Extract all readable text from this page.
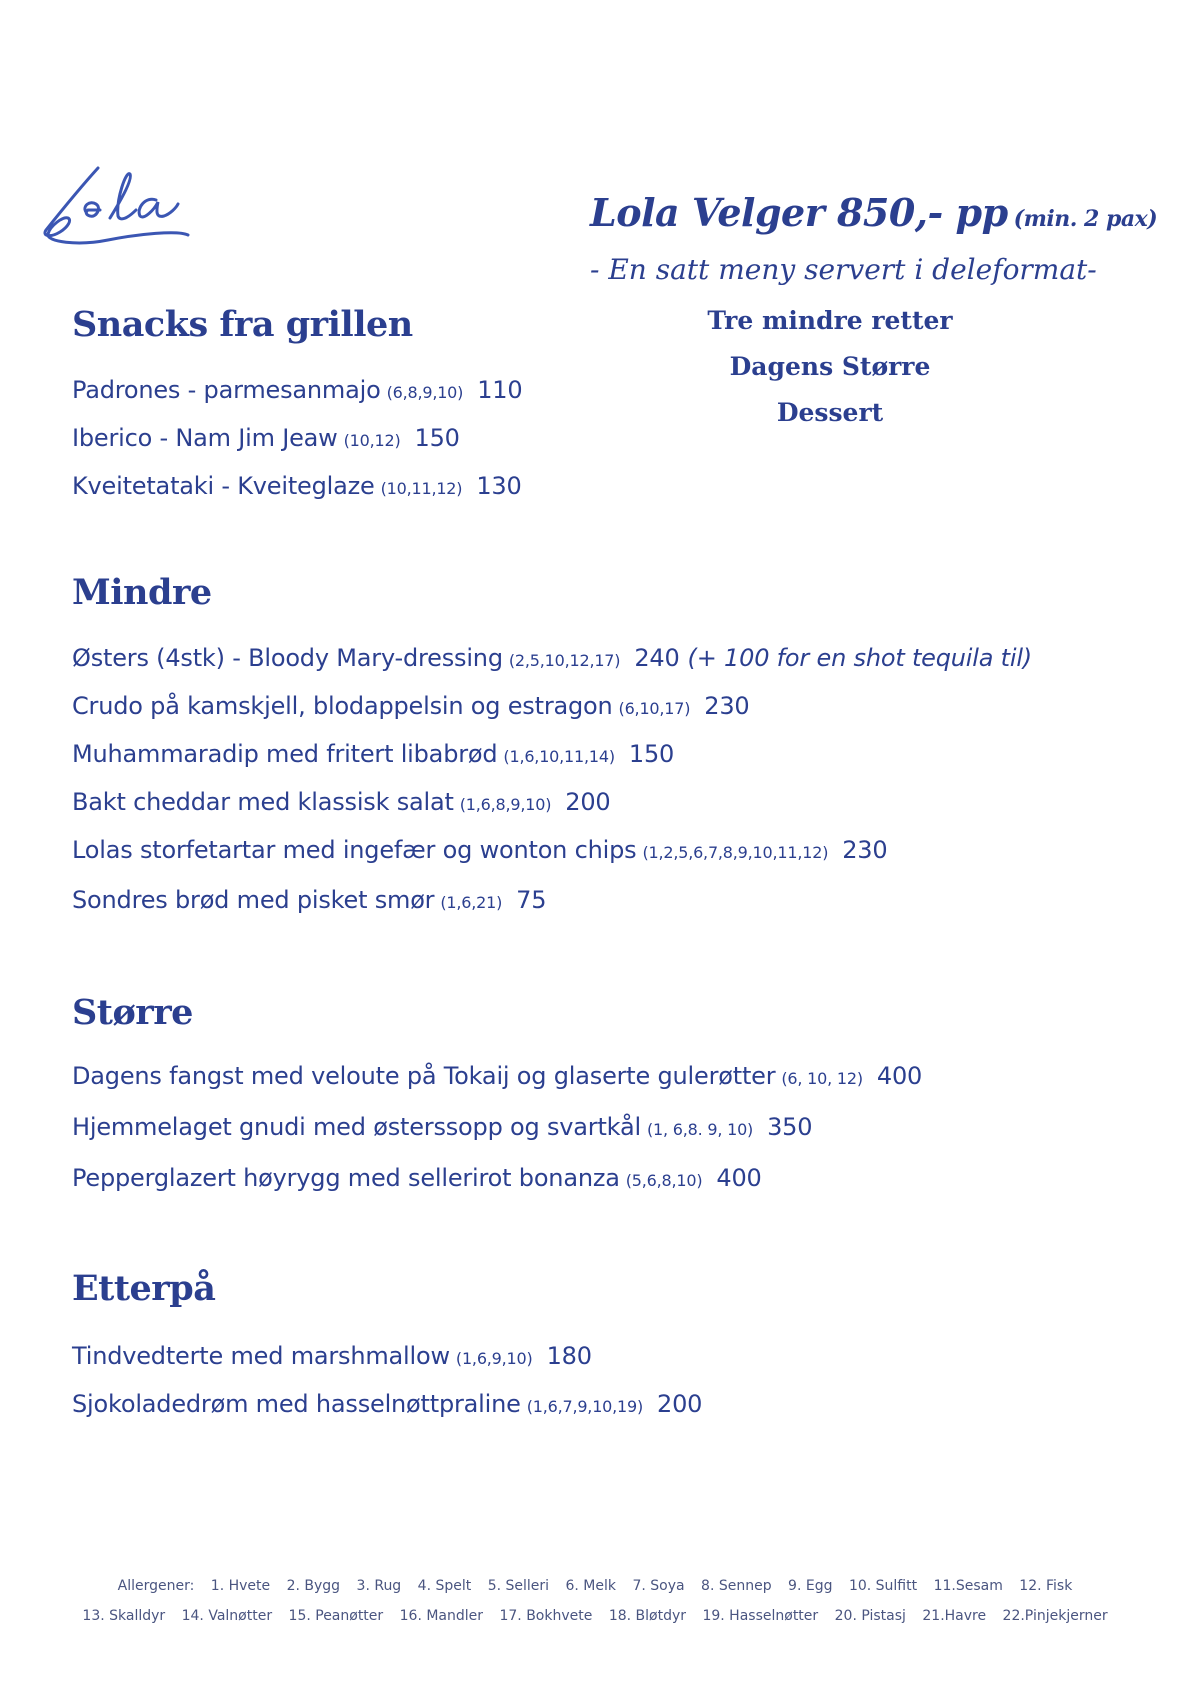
Lola Velger 850,- pp (min. 2 pax)
- En satt meny servert i deleformat-
Tre mindre retter
Dagens Større
Dessert
Snacks fra grillen
Padrones - parmesanmajo (6,8,9,10) 110
Iberico - Nam Jim Jeaw (10,12) 150
Kveitetataki - Kveiteglaze (10,11,12) 130
Mindre
Østers (4stk) - Bloody Mary-dressing (2,5,10,12,17) 240 (+ 100 for en shot tequila til)
Crudo på kamskjell, blodappelsin og estragon (6,10,17) 230
Muhammaradip med fritert libabrød (1,6,10,11,14) 150
Bakt cheddar med klassisk salat (1,6,8,9,10) 200
Lolas storfetartar med ingefær og wonton chips (1,2,5,6,7,8,9,10,11,12) 230
Sondres brød med pisket smør (1,6,21) 75
Større
Dagens fangst med veloute på Tokaij og glaserte gulerøtter (6, 10, 12) 400
Hjemmelaget gnudi med østerssopp og svartkål (1, 6,8. 9, 10) 350
Pepperglazert høyrygg med sellerirot bonanza (5,6,8,10) 400
Etterpå
Tindvedterte med marshmallow (1,6,9,10) 180
Sjokoladedrøm med hasselnøttpraline (1,6,7,9,10,19) 200
Allergener: 1. Hvete 2. Bygg 3. Rug 4. Spelt 5. Selleri 6. Melk 7. Soya 8. Sennep 9. Egg 10. Sulfitt 11.Sesam 12. Fisk
13. Skalldyr 14. Valnøtter 15. Peanøtter 16. Mandler 17. Bokhvete 18. Bløtdyr 19. Hasselnøtter 20. Pistasj 21.Havre 22.Pinjekjerner
